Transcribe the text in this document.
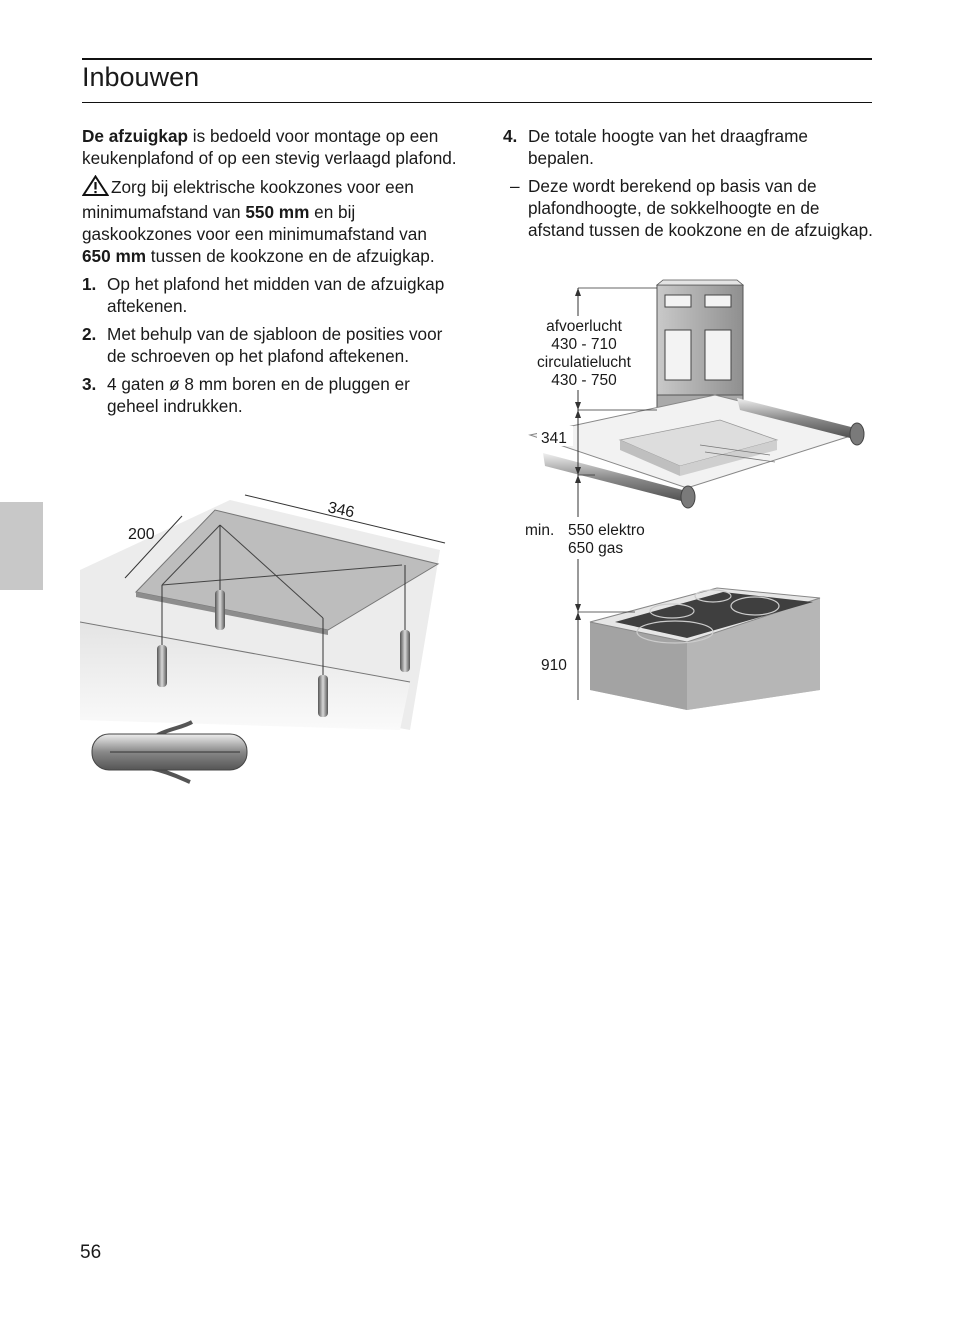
Inbouwen

De afzuigkap is bedoeld voor montage op een keukenplafond of op een stevig verlaagd plafond.

Zorg bij elektrische kookzones voor een minimumafstand van 550 mm en bij gaskookzones voor een minimumafstand van 650 mm tussen de kookzone en de afzuigkap.

1. Op het plafond het midden van de afzuigkap aftekenen.
2. Met behulp van de sjabloon de posities voor de schroeven op het plafond aftekenen.
3. 4 gaten ø 8 mm boren en de pluggen er geheel indrukken.
4. De totale hoogte van het draagframe bepalen.
– Deze wordt berekend op basis van de plafondhoogte, de sokkelhoogte en de afstand tussen de kookzone en de afzuigkap.
200
346
afvoerlucht
430 - 710
circulatielucht
430 - 750
341
min. 550 elektro
650 gas
910
56
